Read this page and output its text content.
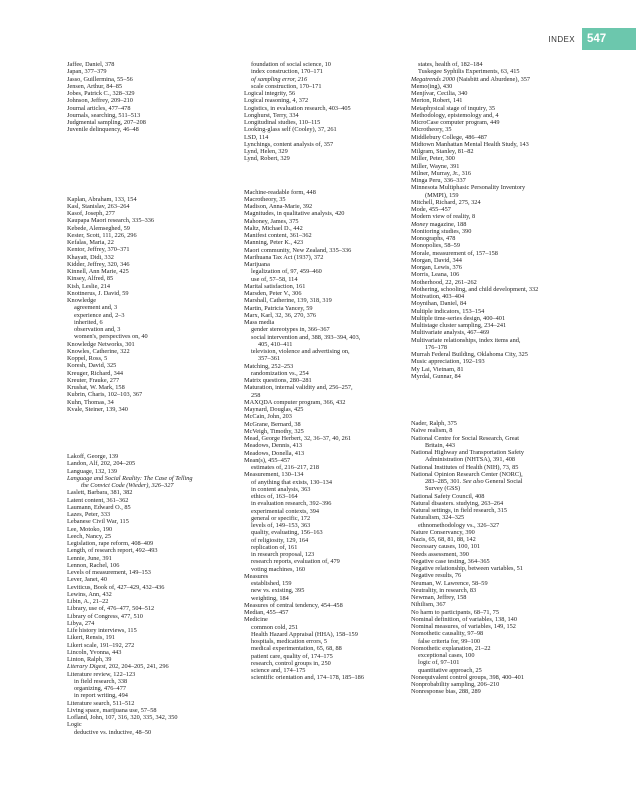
INDEX	547
Jaffee, Daniel, 378
Japan, 377–379
Jasso, Guillermina, 55–56
Jensen, Arthur, 84–85
Jobes, Patrick C., 328–329
Johnson, Jeffrey, 209–210
Journal articles, 477–478
Journals, searching, 511–513
Judgmental sampling, 207–208
Juvenile delinquency, 46–48
Kaplan, Abraham, 133, 154
Kasl, Stanislav, 263–264
Kasof, Joseph, 277
Kaupapa Maori research, 335–336
Kebede, Alemseghed, 59
Kester, Scott, 111, 226, 296
Kefalas, Maria, 22
Kentor, Jeffrey, 370–371
Khayatt, Didi, 332
Kidder, Jeffrey, 320, 346
Kinnell, Ann Marie, 425
Kinsey, Alfred, 85
Kish, Leslie, 214
Knottnerus, J. David, 59
Knowledge
agreement and, 3
experience and, 2–3
inherited, 6
observation and, 3
women's, perspectives on, 40
Knowledge Networks, 301
Knowles, Catherine, 322
Koppel, Ross, 5
Koresh, David, 325
Kreuger, Richard, 344
Kreuter, Frauke, 277
Krushat, W. Mark, 158
Kubrin, Charis, 102–103, 367
Kuhn, Thomas, 34
Kvale, Steiner, 139, 340
Lakoff, George, 139
Landon, Alf, 202, 204–205
Language, 132, 139
Language and Social Reality: The Case of Telling
the Convict Code (Wieder), 326–327
Laslett, Barbara, 381, 382
Latent content, 361–362
Laumann, Edward O., 85
Lazes, Peter, 333
Lebanese Civil War, 115
Lee, Motoko, 190
Leech, Nancy, 25
Legislation, rape reform, 408–409
Length, of research report, 492–493
Lennie, June, 391
Lennon, Rachel, 106
Levels of measurement, 149–153
Lever, Janet, 40
Leviticus, Book of, 427–429, 432–436
Lewins, Ann, 432
Libin, A., 21–22
Library, use of, 476–477, 504–512
Library of Congress, 477, 510
Libya, 274
Life history interviews, 115
Likert, Rensis, 191
Likert scale, 191–192, 272
Lincoln, Yvonna, 443
Linton, Ralph, 39
Literary Digest, 202, 204–205, 241, 296
Literature review, 122–123
in field research, 338
organizing, 476–477
in report writing, 494
Literature search, 511–512
Living space, marijuana use, 57–58
Lofland, John, 107, 316, 320, 335, 342, 350
Logic
deductive vs. inductive, 48–50
foundation of social science, 10
index construction, 170–171
of sampling error, 216
scale construction, 170–171
Logical integrity, 56
Logical reasoning, 4, 372
Logistics, in evaluation research, 403–405
Longhurst, Terry, 334
Longitudinal studies, 110–115
Looking-glass self (Cooley), 37, 261
LSD, 114
Lynchings, content analysis of, 357
Lynd, Helen, 329
Lynd, Robert, 329
Machine-readable form, 448
Macrotheory, 35
Madison, Anna-Marie, 392
Magnitudes, in qualitative analysis, 420
Mahoney, James, 375
Maltz, Michael D., 442
Manifest content, 361–362
Manning, Peter K., 423
Maori community, New Zealand, 335–336
Marihuana Tax Act (1937), 372
Marijuana
legalization of, 97, 459–460
use of, 57–58, 114
Marital satisfaction, 161
Marsden, Peter V., 306
Marshall, Catherine, 139, 318, 319
Martin, Patricia Yancey, 59
Marx, Karl, 32, 36, 270, 376
Mass media
gender stereotypes in, 366–367
social intervention and, 388, 393–394, 403,
405, 410–411
television, violence and advertising on,
357–361
Matching, 252–253
randomization vs., 254
Matrix questions, 280–281
Maturation, internal validity and, 256–257,
258
MAXQDA computer program, 366, 432
Maynard, Douglas, 425
McCain, John, 203
McGrane, Bernard, 38
McVeigh, Timothy, 325
Mead, George Herbert, 32, 36–37, 40, 261
Meadows, Dennis, 413
Meadows, Donella, 413
Mean(s), 455–457
estimates of, 216–217, 218
Measurement, 130–134
of anything that exists, 130–134
in content analysis, 363
ethics of, 163–164
in evaluation research, 392–396
experimental contexts, 394
general or specific, 172
levels of, 149–153, 363
quality, evaluating, 156–163
of religiosity, 129, 164
replication of, 161
in research proposal, 123
research reports, evaluation of, 479
voting machines, 160
Measures
established, 159
new vs. existing, 395
weighting, 184
Measures of central tendency, 454–458
Median, 455–457
Medicine
common cold, 251
Health Hazard Appraisal (HHA), 158–159
hospitals, medication errors, 5
medical experimentation, 65, 68, 88
patient care, quality of, 174–175
research, control groups in, 250
science and, 174–175
scientific orientation and, 174–178, 185–186
states, health of, 182–184
Tuskegee Syphilis Experiments, 63, 415
Megatrends 2000 (Naisbitt and Aburdene), 357
Memo(ing), 430
Menjívar, Cecilia, 340
Merton, Robert, 141
Metaphysical stage of inquiry, 35
Methodology, epistemology and, 4
MicroCase computer program, 449
Microtheory, 35
Middlebury College, 486–487
Midtown Manhattan Mental Health Study, 143
Milgram, Stanley, 81–82
Miller, Peter, 300
Miller, Wayne, 391
Milner, Murray, Jr., 316
Minga Peru, 336–337
Minnesota Multiphasic Personality Inventory
(MMPI), 159
Mitchell, Richard, 275, 324
Mode, 455–457
Modern view of reality, 8
Money magazine, 188
Monitoring studies, 390
Monographs, 478
Monopolies, 58–59
Morale, measurement of, 157–158
Morgan, David, 344
Morgan, Lewis, 376
Morris, Leana, 106
Motherhood, 22, 261–262
Mothering, schooling, and child development, 332
Motivation, 403–404
Moynihan, Daniel, 84
Multiple indicators, 153–154
Multiple time-series design, 400–401
Multistage cluster sampling, 234–241
Multivariate analysis, 467–469
Multivariate relationships, index items and,
176–178
Murrah Federal Building, Oklahoma City, 325
Music appreciation, 192–193
My Lai, Vietnam, 81
Myrdal, Gunnar, 84
Nader, Ralph, 375
Naïve realism, 8
National Centre for Social Research, Great
Britain, 443
National Highway and Transportation Safety
Administration (NHTSA), 391, 408
National Institutes of Health (NIH), 73, 85
National Opinion Research Center (NORC),
283–285, 301. See also General Social
Survey (GSS)
National Safety Council, 408
Natural disasters. studying, 263–264
Natural settings, in field research, 315
Naturalism, 324–325
ethnomethodology vs., 326–327
Nature Conservancy, 390
Nazis, 65, 68, 81, 88, 142
Necessary causes, 100, 101
Needs assessment, 390
Negative case testing, 364–365
Negative relationship, between variables, 51
Negative results, 76
Neuman, W. Lawrence, 58–59
Neutrality, in research, 83
Newman, Jeffrey, 158
Nihilism, 367
No harm to participants, 68–71, 75
Nominal definition, of variables, 138, 140
Nominal measures, of variables, 149, 152
Nomothetic causality, 97–98
false criteria for, 99–100
Nomothetic explanation, 21–22
exceptional cases, 100
logic of, 97–101
quantitative approach, 25
Nonequivalent control groups, 398, 400–401
Nonprobability sampling, 206–210
Nonresponse bias, 288, 289
